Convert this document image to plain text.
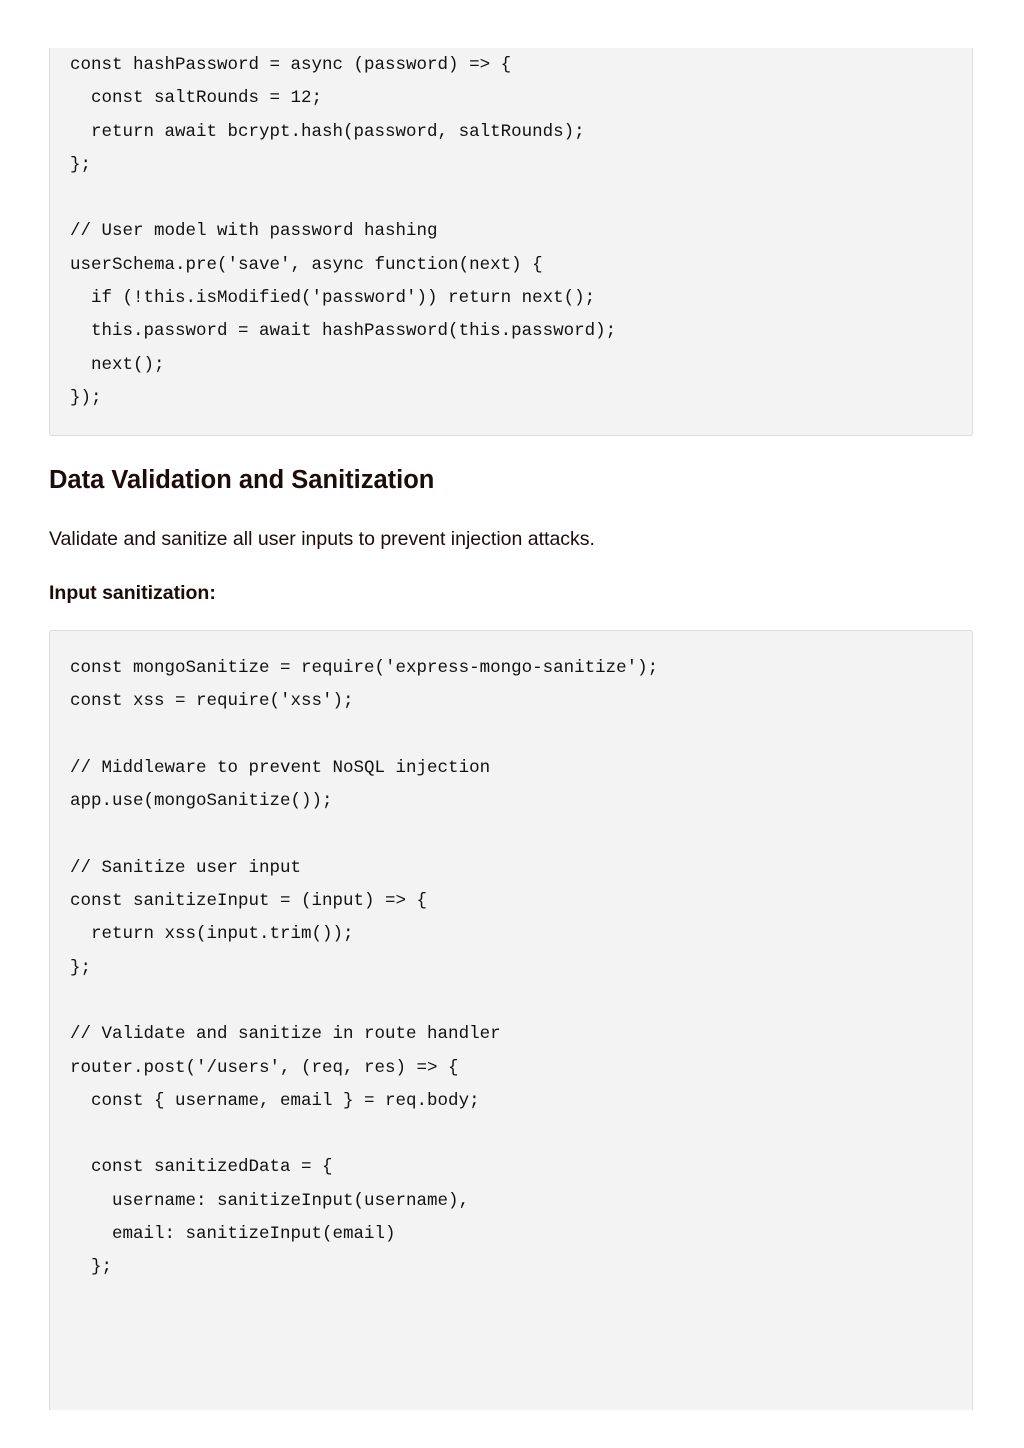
const hashPassword = async (password) => {
const saltRounds = 12;
return await bcrypt.hash(password, saltRounds);
};

// User model with password hashing
userSchema.pre('save', async function(next) {
if (!this.isModified('password')) return next();
this.password = await hashPassword(this.password);
next();
});
Data Validation and Sanitization

Validate and sanitize all user inputs to prevent injection attacks.

Input sanitization:

const mongoSanitize = require('express-mongo-sanitize');
const xss = require('xss');

// Middleware to prevent NoSQL injection
app.use(mongoSanitize());

// Sanitize user input
const sanitizeInput = (input) => {
return xss(input.trim());
};

// Validate and sanitize in route handler
router.post('/users', (req, res) => {
const { username, email } = req.body;

const sanitizedData = {
username: sanitizeInput(username),
email: sanitizeInput(email)
};
